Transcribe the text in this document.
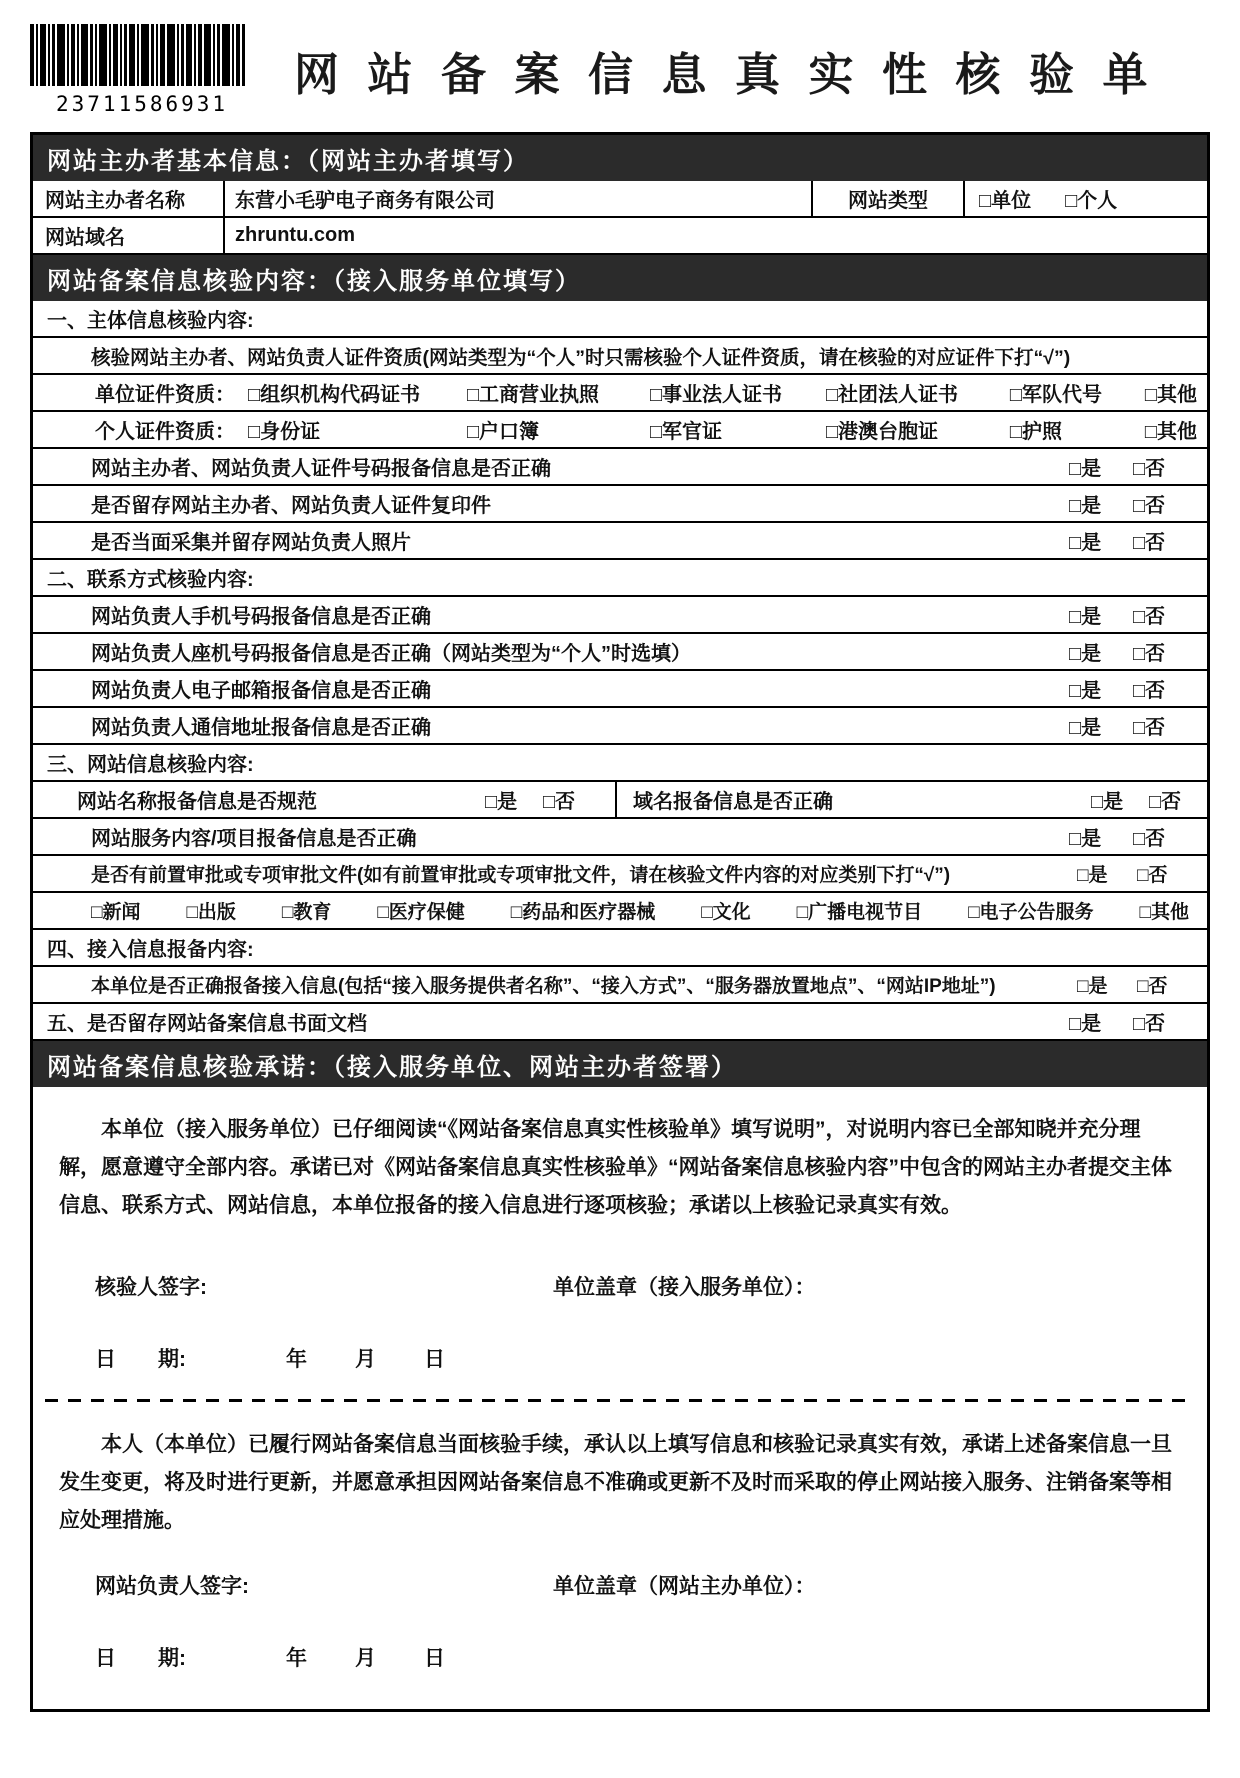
23711586931
网 站 备 案 信 息 真 实 性 核 验 单
网站主办者基本信息：（网站主办者填写）
网站主办者名称	东营小毛驴电子商务有限公司	网站类型	□单位 □个人
网站域名	zhruntu.com
网站备案信息核验内容：（接入服务单位填写）
一、主体信息核验内容:
核验网站主办者、网站负责人证件资质(网站类型为“个人”时只需核验个人证件资质，请在核验的对应证件下打“√”)
单位证件资质： □组织机构代码证书	□工商营业执照	□事业法人证书	□社团法人证书	□军队代号	□其他
个人证件资质： □身份证	□户口簿	□军官证	□港澳台胞证	□护照	□其他
网站主办者、网站负责人证件号码报备信息是否正确	□是	□否
是否留存网站主办者、网站负责人证件复印件	□是	□否
是否当面采集并留存网站负责人照片	□是	□否
二、联系方式核验内容:
网站负责人手机号码报备信息是否正确	□是	□否
网站负责人座机号码报备信息是否正确（网站类型为“个人”时选填）	□是	□否
网站负责人电子邮箱报备信息是否正确	□是	□否
网站负责人通信地址报备信息是否正确	□是	□否
三、网站信息核验内容:
网站名称报备信息是否规范	□是	□否	域名报备信息是否正确	□是	□否
网站服务内容/项目报备信息是否正确	□是	□否
是否有前置审批或专项审批文件(如有前置审批或专项审批文件，请在核验文件内容的对应类别下打“√”)	□是	□否
□新闻 □出版 □教育 □医疗保健 □药品和医疗器械 □文化 □广播电视节目 □电子公告服务 □其他
四、接入信息报备内容:
本单位是否正确报备接入信息(包括“接入服务提供者名称”、“接入方式”、“服务器放置地点”、“网站IP地址”)	□是	□否
五、是否留存网站备案信息书面文档	□是	□否
网站备案信息核验承诺：（接入服务单位、网站主办者签署）
本单位（接入服务单位）已仔细阅读“《网站备案信息真实性核验单》填写说明”，对说明内容已全部知晓并充分理解，愿意遵守全部内容。承诺已对《网站备案信息真实性核验单》“网站备案信息核验内容”中包含的网站主办者提交主体信息、联系方式、网站信息，本单位报备的接入信息进行逐项核验；承诺以上核验记录真实有效。
核验人签字:	单位盖章（接入服务单位）：
日 期:	年 月 日
本人（本单位）已履行网站备案信息当面核验手续，承认以上填写信息和核验记录真实有效，承诺上述备案信息一旦发生变更，将及时进行更新，并愿意承担因网站备案信息不准确或更新不及时而采取的停止网站接入服务、注销备案等相应处理措施。
网站负责人签字:	单位盖章（网站主办单位）：
日 期:	年 月 日
